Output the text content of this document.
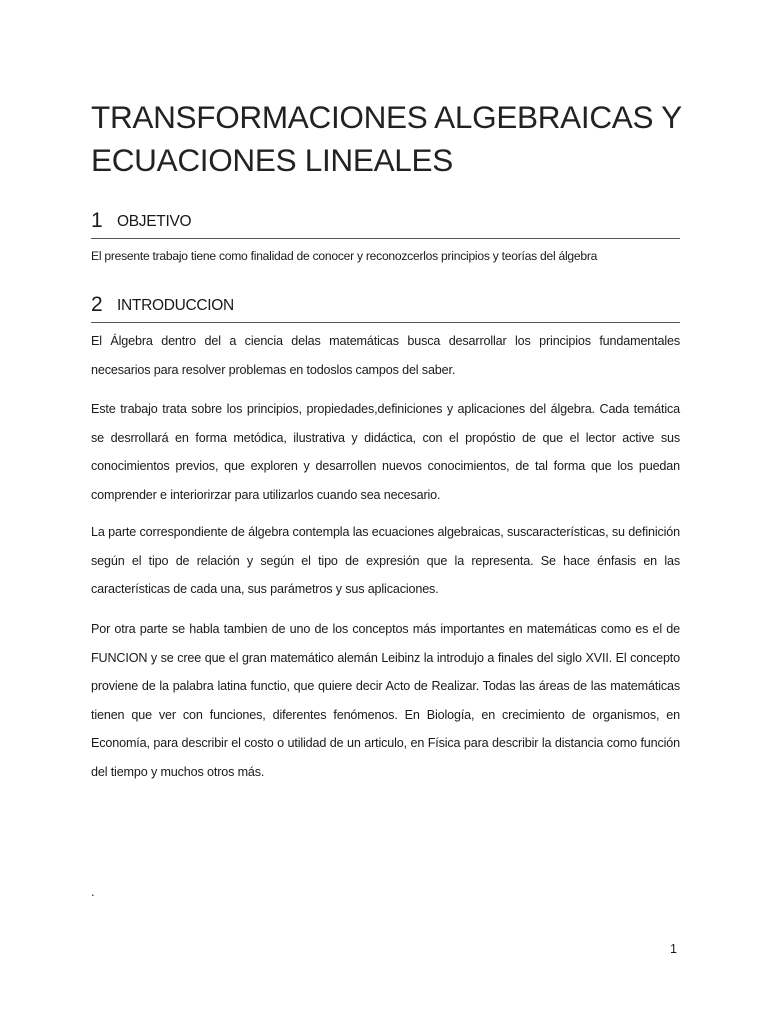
TRANSFORMACIONES ALGEBRAICAS Y ECUACIONES LINEALES
1 OBJETIVO
El presente trabajo tiene como finalidad de conocer y reconozcerlos principios y teorías del álgebra
2 INTRODUCCION
El Álgebra dentro del a ciencia delas matemáticas busca desarrollar los principios fundamentales necesarios para resolver problemas en todoslos campos del saber.
Este trabajo trata sobre los principios, propiedades,definiciones y aplicaciones del álgebra. Cada temática se desrrollará en forma metódica, ilustrativa y didáctica, con el propóstio de que el lector active sus conocimientos previos, que exploren y desarrollen nuevos conocimientos, de tal forma que los puedan comprender e interiorirzar para utilizarlos cuando sea necesario.
La parte correspondiente de álgebra contempla las ecuaciones algebraicas, suscaracterísticas, su definición según el tipo de relación y según el tipo de expresión que la representa. Se hace énfasis en las características de cada una, sus parámetros y sus aplicaciones.
Por otra parte se habla tambien de uno de los conceptos más importantes en matemáticas como es el de FUNCION y se cree que el gran matemático alemán Leibinz la introdujo a finales del siglo XVII. El concepto proviene de la palabra latina functio, que quiere decir Acto de Realizar. Todas las áreas de las matemáticas tienen que ver con funciones, diferentes fenómenos. En Biología, en crecimiento de organismos, en Economía, para describir el costo o utilidad de un articulo, en Física para describir la distancia como función del tiempo y muchos otros más.
.
1
